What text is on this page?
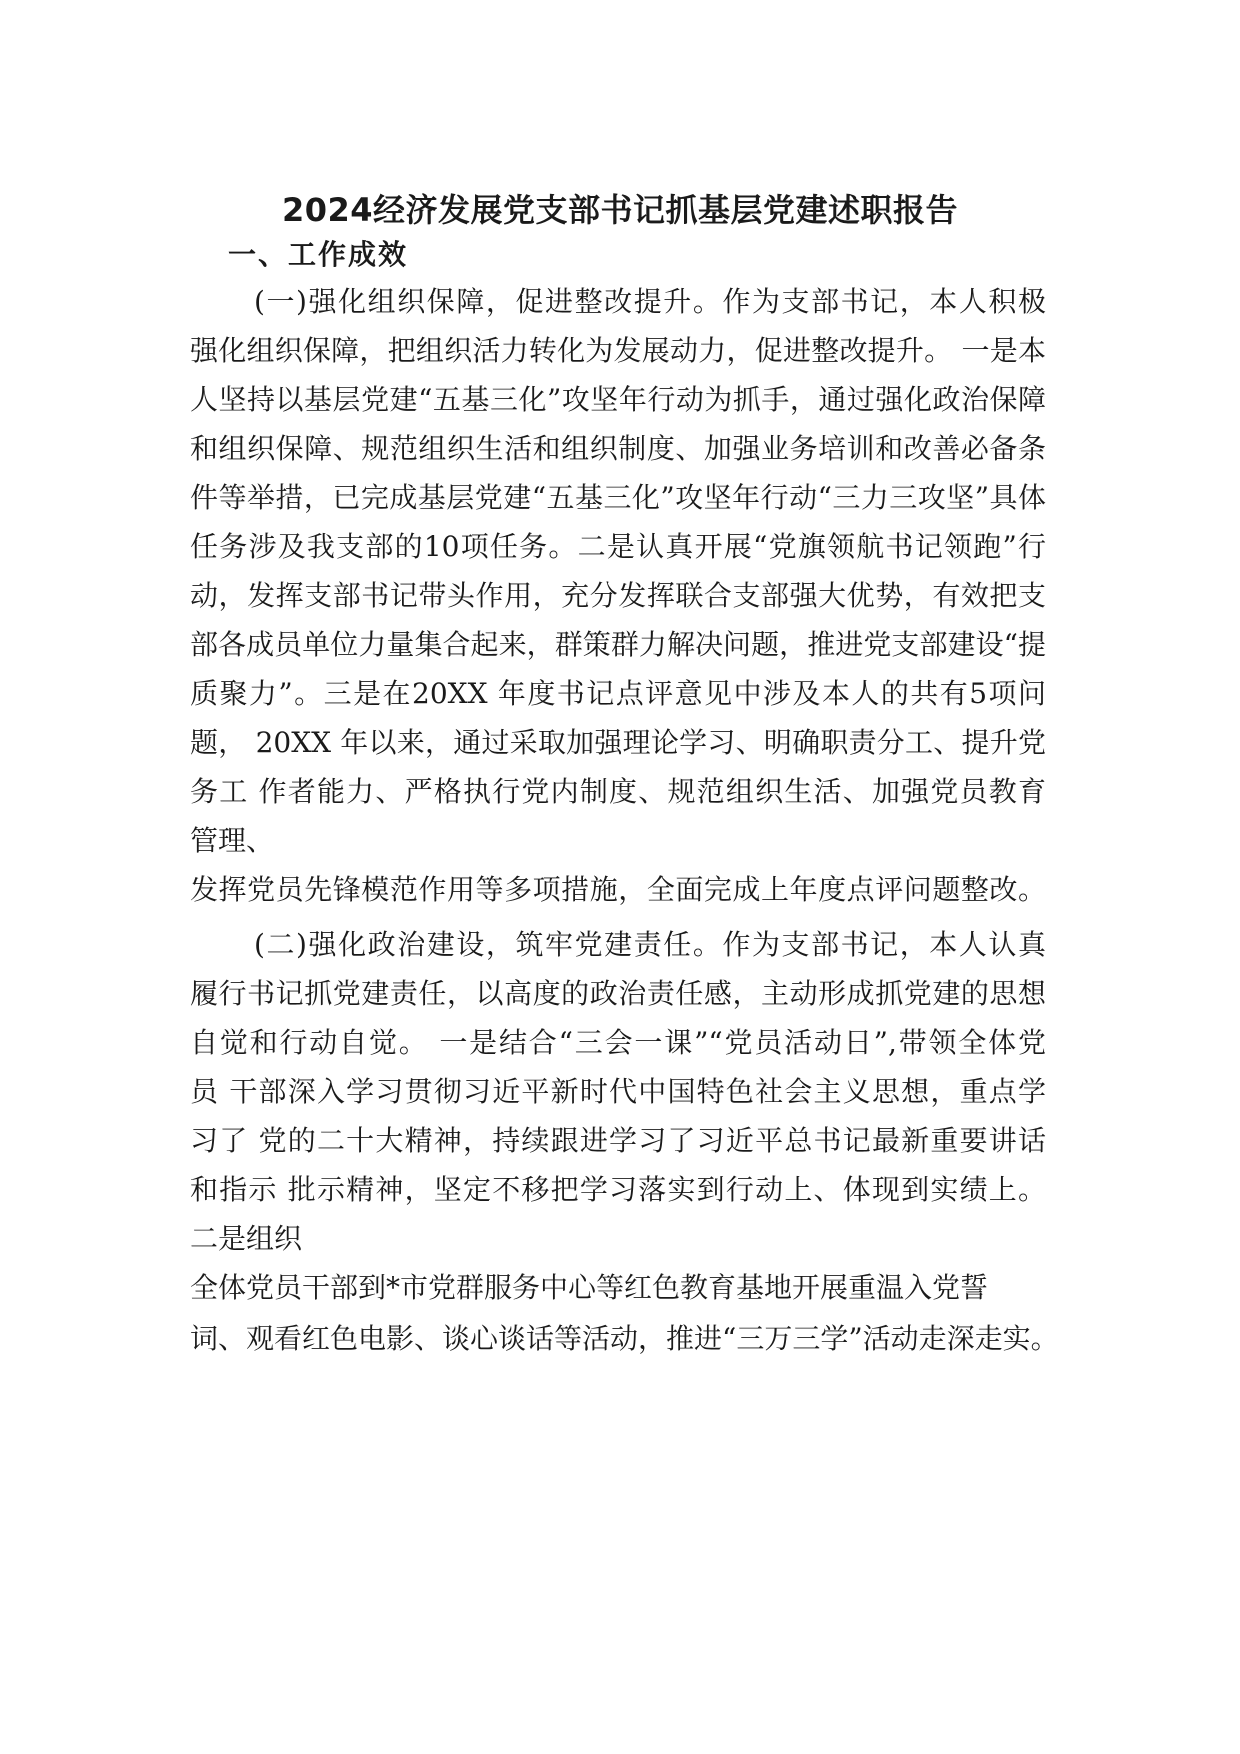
2024经济发展党支部书记抓基层党建述职报告
一、工作成效

(一)强化组织保障，促进整改提升。作为支部书记，本人积极

强化组织保障，把组织活力转化为发展动力，促进整改提升。 一是本

人坚持以基层党建“五基三化”攻坚年行动为抓手，通过强化政治保障

和组织保障、规范组织生活和组织制度、加强业务培训和改善必备条

件等举措，已完成基层党建“五基三化”攻坚年行动“三力三攻坚”具体

任务涉及我支部的10项任务。二是认真开展“党旗领航书记领跑”行

动，发挥支部书记带头作用，充分发挥联合支部强大优势，有效把支

部各成员单位力量集合起来，群策群力解决问题，推进党支部建设“提

质聚力”。三是在20XX 年度书记点评意见中涉及本人的共有5项问

题， 20XX 年以来，通过采取加强理论学习、明确职责分工、提升党

务工 作者能力、严格执行党内制度、规范组织生活、加强党员教育

管理、

发挥党员先锋模范作用等多项措施，全面完成上年度点评问题整改。

(二)强化政治建设，筑牢党建责任。作为支部书记，本人认真

履行书记抓党建责任，以高度的政治责任感，主动形成抓党建的思想

自觉和行动自觉。 一是结合“三会一课”“党员活动日”,带领全体党

员 干部深入学习贯彻习近平新时代中国特色社会主义思想，重点学

习了 党的二十大精神，持续跟进学习了习近平总书记最新重要讲话

和指示 批示精神，坚定不移把学习落实到行动上、体现到实绩上。

二是组织

全体党员干部到*市党群服务中心等红色教育基地开展重温入党誓

词、观看红色电影、谈心谈话等活动，推进“三万三学”活动走深走实。
